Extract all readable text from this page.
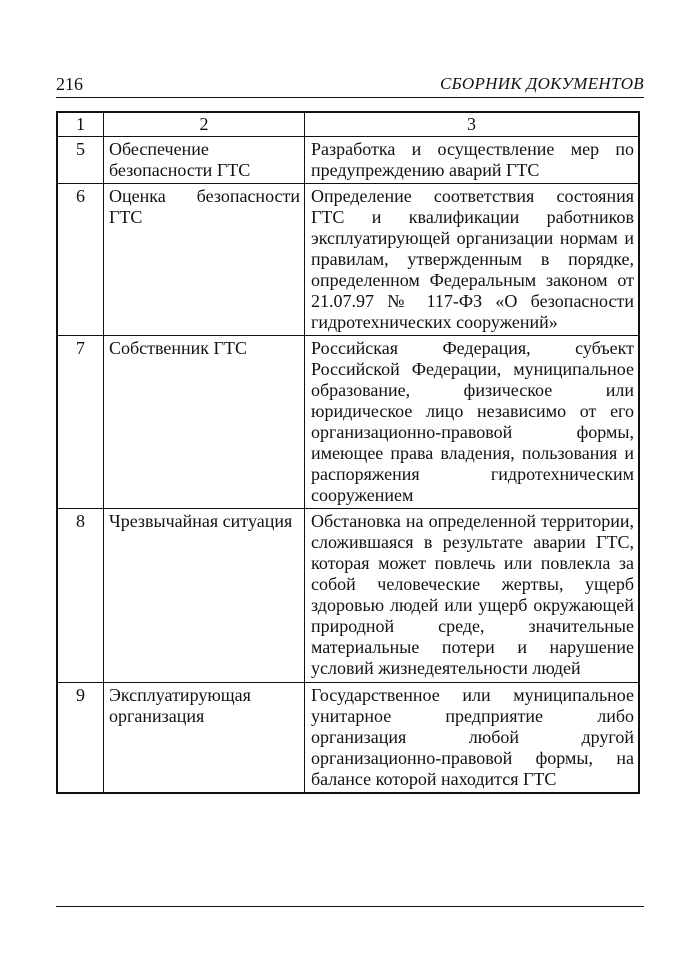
216	СБОРНИК ДОКУМЕНТОВ
1	2	3
5	Обеспечение безопасности ГТС	Разработка и осуществление мер по предупреждению аварий ГТС
6	Оценка безопасности ГТС	Определение соответствия состояния ГТС и квалификации работников эксплуатирующей организации нормам и правилам, утвержденным в порядке, определенном Федеральным законом от 21.07.97 № 117-ФЗ «О безопасности гидротехнических сооружений»
7	Собственник ГТС	Российская Федерация, субъект Российской Федерации, муниципальное образование, физическое или юридическое лицо независимо от его организационно-правовой формы, имеющее права владения, пользования и распоряжения гидротехническим сооружением
8	Чрезвычайная ситуация	Обстановка на определенной территории, сложившаяся в результате аварии ГТС, которая может повлечь или повлекла за собой человеческие жертвы, ущерб здоровью людей или ущерб окружающей природной среде, значительные материальные потери и нарушение условий жизнедеятельности людей
9	Эксплуатирующая организация	Государственное или муниципальное унитарное предприятие либо организация любой другой организационно-правовой формы, на балансе которой находится ГТС
